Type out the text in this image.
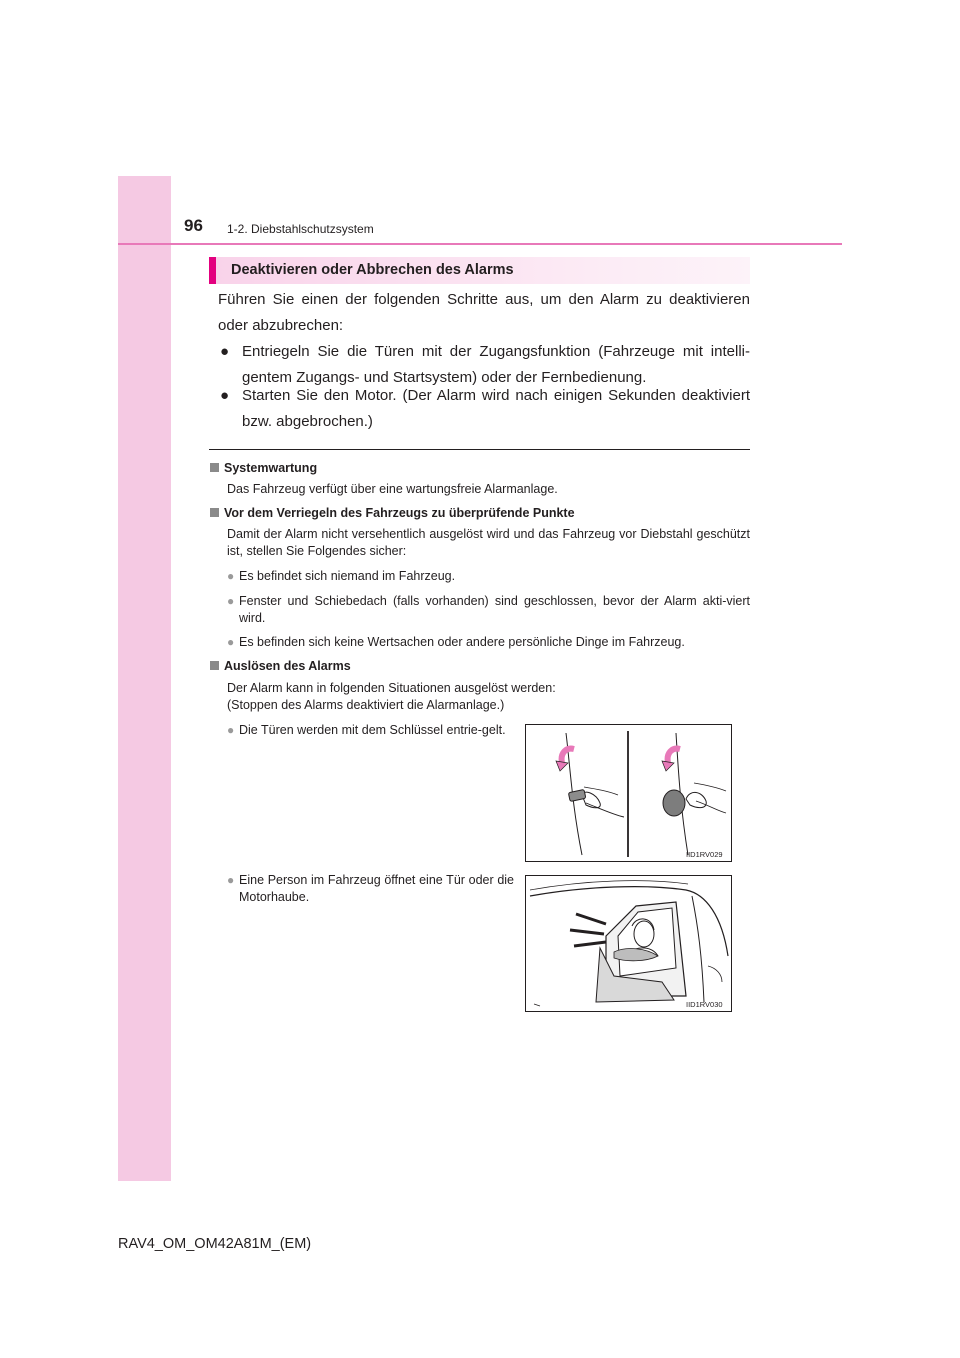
96 1-2. Diebstahlschutzsystem
Deaktivieren oder Abbrechen des Alarms
Führen Sie einen der folgenden Schritte aus, um den Alarm zu deaktivieren oder abzubrechen:
● Entriegeln Sie die Türen mit der Zugangsfunktion (Fahrzeuge mit intelli-gentem Zugangs- und Startsystem) oder der Fernbedienung.
● Starten Sie den Motor. (Der Alarm wird nach einigen Sekunden deaktiviert bzw. abgebrochen.)
Systemwartung
Das Fahrzeug verfügt über eine wartungsfreie Alarmanlage.
Vor dem Verriegeln des Fahrzeugs zu überprüfende Punkte
Damit der Alarm nicht versehentlich ausgelöst wird und das Fahrzeug vor Diebstahl geschützt ist, stellen Sie Folgendes sicher:
● Es befindet sich niemand im Fahrzeug.
● Fenster und Schiebedach (falls vorhanden) sind geschlossen, bevor der Alarm akti-viert wird.
● Es befinden sich keine Wertsachen oder andere persönliche Dinge im Fahrzeug.
Auslösen des Alarms
Der Alarm kann in folgenden Situationen ausgelöst werden:
(Stoppen des Alarms deaktiviert die Alarmanlage.)
● Die Türen werden mit dem Schlüssel entrie-gelt.
● Eine Person im Fahrzeug öffnet eine Tür oder die Motorhaube.
IID1RV029
IID1RV030
RAV4_OM_OM42A81M_(EM)
